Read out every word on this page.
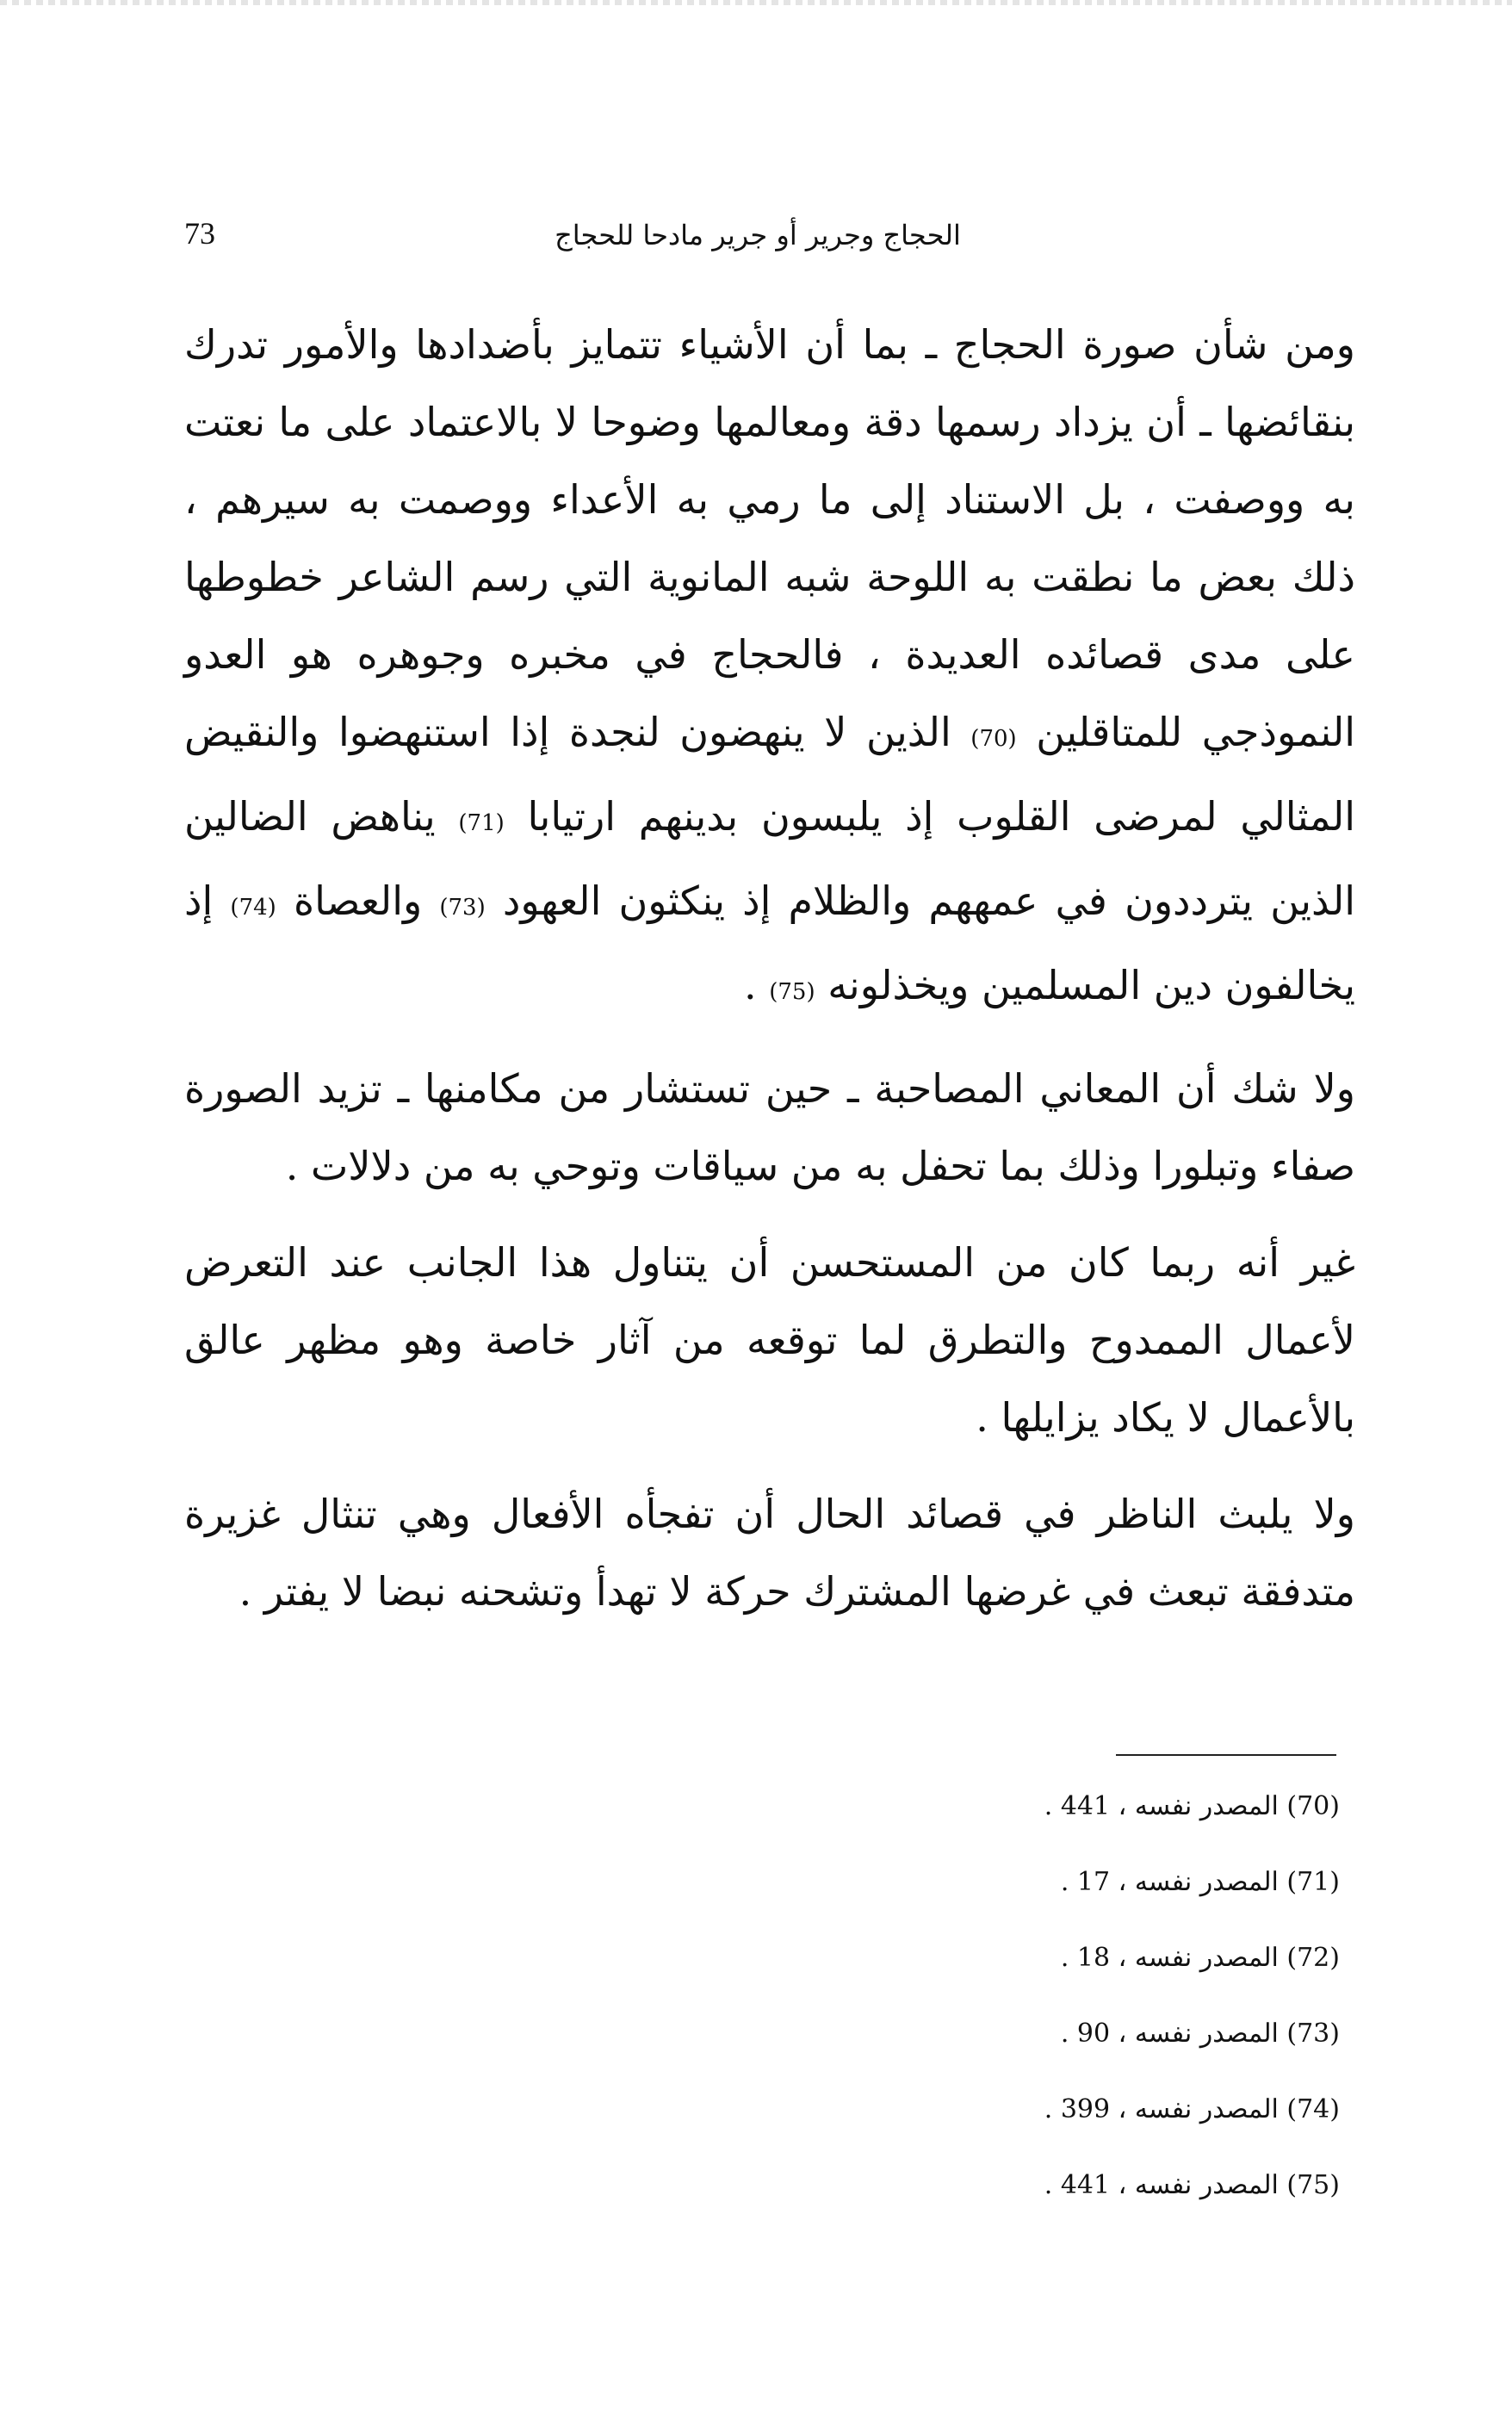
73	الحجاج وجرير أو جرير مادحا للحجاج

ومن شأن صورة الحجاج ـ بما أن الأشياء تتمايز بأضدادها والأمور تدرك بنقائضها ـ أن يزداد رسمها دقة ومعالمها وضوحا لا بالاعتماد على ما نعتت به ووصفت ، بل الاستناد إلى ما رمي به الأعداء ووصمت به سيرهم ، ذلك بعض ما نطقت به اللوحة شبه المانوية التي رسم الشاعر خطوطها على مدى قصائده العديدة ، فالحجاج في مخبره وجوهره هو العدو النموذجي للمتاقلين (70) الذين لا ينهضون لنجدة إذا استنهضوا والنقيض المثالي لمرضى القلوب إذ يلبسون بدينهم ارتيابا (71) يناهض الضالين الذين يترددون في عمههم والظلام إذ ينكثون العهود (73) والعصاة (74) إذ يخالفون دين المسلمين ويخذلونه (75) .

ولا شك أن المعاني المصاحبة ـ حين تستشار من مكامنها ـ تزيد الصورة صفاء وتبلورا وذلك بما تحفل به من سياقات وتوحي به من دلالات .

غير أنه ربما كان من المستحسن أن يتناول هذا الجانب عند التعرض لأعمال الممدوح والتطرق لما توقعه من آثار خاصة وهو مظهر عالق بالأعمال لا يكاد يزايلها .

ولا يلبث الناظر في قصائد الحال أن تفجأه الأفعال وهي تنثال غزيرة متدفقة تبعث في غرضها المشترك حركة لا تهدأ وتشحنه نبضا لا يفتر .

(70) المصدر نفسه ، 441 .
(71) المصدر نفسه ، 17 .
(72) المصدر نفسه ، 18 .
(73) المصدر نفسه ، 90 .
(74) المصدر نفسه ، 399 .
(75) المصدر نفسه ، 441 .
